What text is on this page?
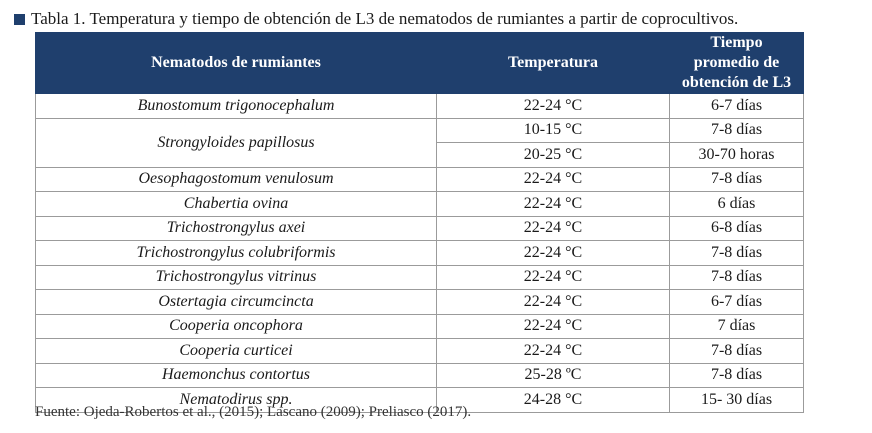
Tabla 1. Temperatura y tiempo de obtención de L3 de nematodos de rumiantes a partir de coprocultivos.
Nematodos de rumiantes	Temperatura	Tiempo promedio de obtención de L3
Bunostomum trigonocephalum	22-24 °C	6-7 días
Strongyloides papillosus	10-15 °C	7-8 días
	20-25 °C	30-70 horas
Oesophagostomum venulosum	22-24 °C	7-8 días
Chabertia ovina	22-24 °C	6 días
Trichostrongylus axei	22-24 °C	6-8 días
Trichostrongylus colubriformis	22-24 °C	7-8 días
Trichostrongylus vitrinus	22-24 °C	7-8 días
Ostertagia circumcincta	22-24 °C	6-7 días
Cooperia oncophora	22-24 °C	7 días
Cooperia curticei	22-24 °C	7-8 días
Haemonchus contortus	25-28 ºC	7-8 días
Nematodirus spp.	24-28 °C	15- 30 días
Fuente: Ojeda-Robertos et al., (2015); Lascano (2009); Preliasco (2017).
